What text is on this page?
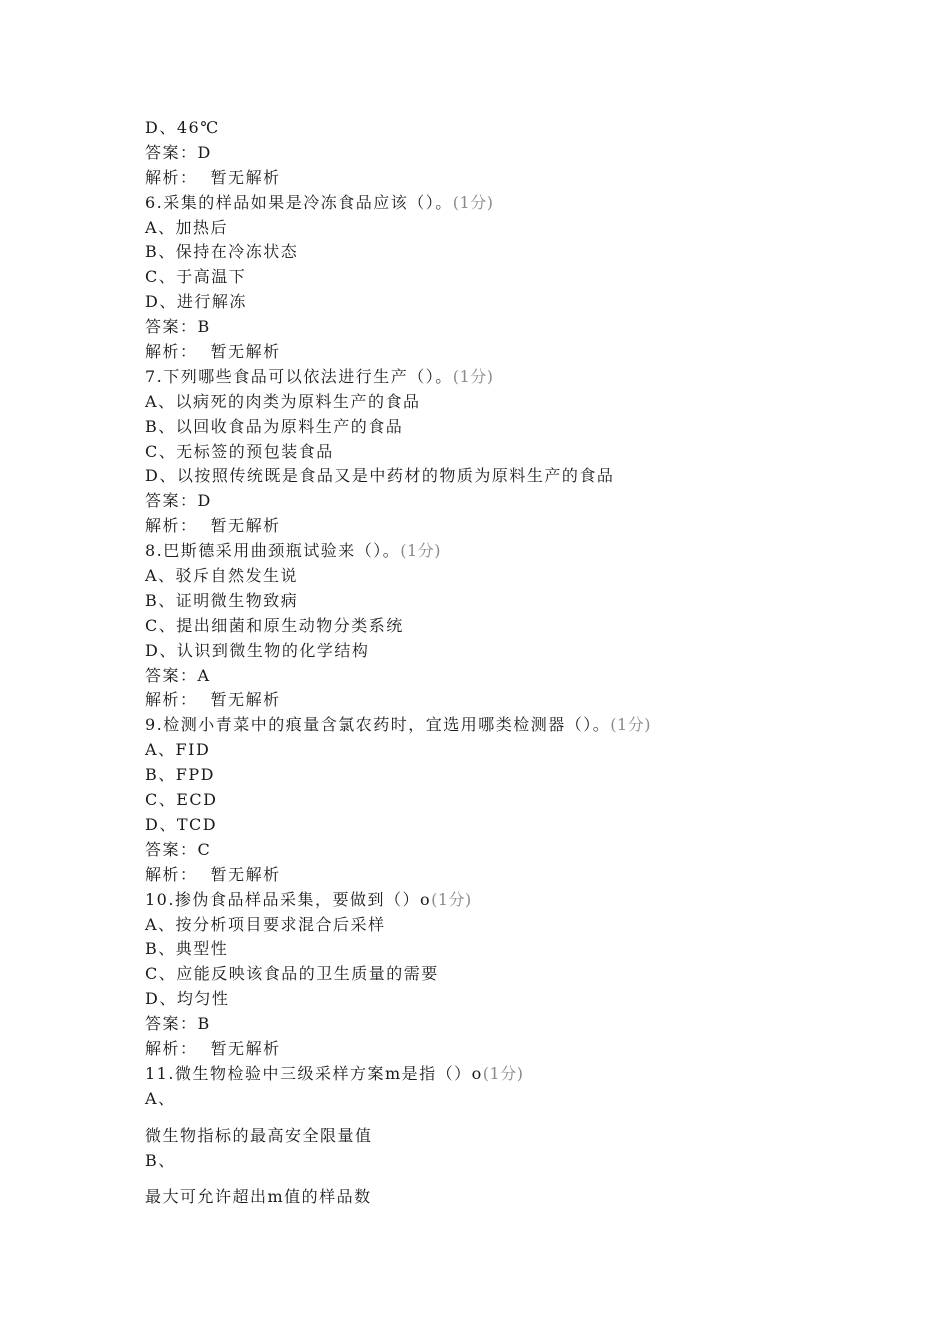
D、46℃
答案：D
解析：  暂无解析
6.采集的样品如果是冷冻食品应该（）。(1分)
A、加热后
B、保持在冷冻状态
C、于高温下
D、进行解冻
答案：B
解析：  暂无解析
7.下列哪些食品可以依法进行生产（）。(1分)
A、以病死的肉类为原料生产的食品
B、以回收食品为原料生产的食品
C、无标签的预包装食品
D、以按照传统既是食品又是中药材的物质为原料生产的食品
答案：D
解析：  暂无解析
8.巴斯德采用曲颈瓶试验来（）。(1分)
A、驳斥自然发生说
B、证明微生物致病
C、提出细菌和原生动物分类系统
D、认识到微生物的化学结构
答案：A
解析：  暂无解析
9.检测小青菜中的痕量含氯农药时，宜选用哪类检测器（）。(1分)
A、FID
B、FPD
C、ECD
D、TCD
答案：C
解析：  暂无解析
10.掺伪食品样品采集，要做到（）o(1分)
A、按分析项目要求混合后采样
B、典型性
C、应能反映该食品的卫生质量的需要
D、均匀性
答案：B
解析：  暂无解析
11.微生物检验中三级采样方案m是指（）o(1分)
A、
微生物指标的最高安全限量值
B、
最大可允许超出m值的样品数
